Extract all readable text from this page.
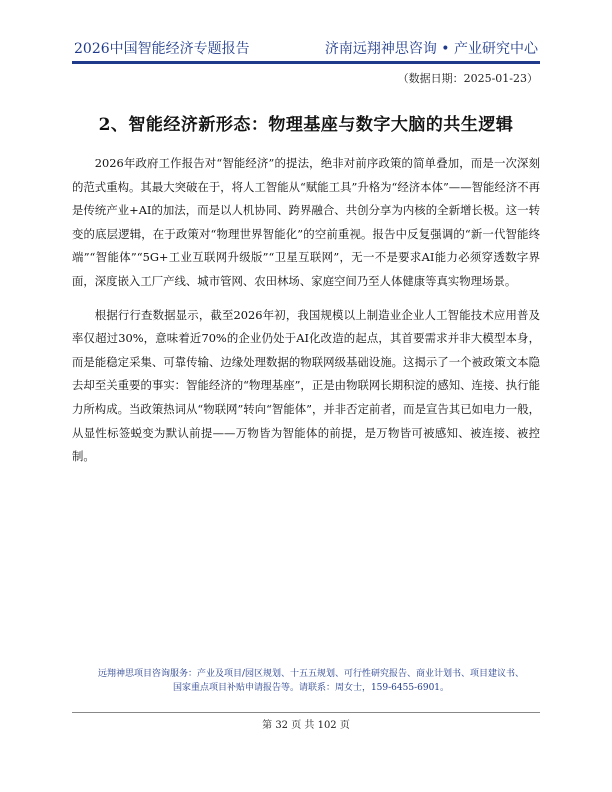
2026中国智能经济专题报告	济南远翔神思咨询 • 产业研究中心
（数据日期：2025-01-23）
2、智能经济新形态：物理基座与数字大脑的共生逻辑

2026年政府工作报告对“智能经济”的提法，绝非对前序政策的简单叠加，而是一次深刻的范式重构。其最大突破在于，将人工智能从“赋能工具”升格为“经济本体”——智能经济不再是传统产业+AI的加法，而是以人机协同、跨界融合、共创分享为内核的全新增长极。这一转变的底层逻辑，在于政策对“物理世界智能化”的空前重视。报告中反复强调的“新一代智能终端”“智能体”“5G+工业互联网升级版”“卫星互联网”，无一不是要求AI能力必须穿透数字界面，深度嵌入工厂产线、城市管网、农田林场、家庭空间乃至人体健康等真实物理场景。

根据行行查数据显示，截至2026年初，我国规模以上制造业企业人工智能技术应用普及率仅超过30%，意味着近70%的企业仍处于AI化改造的起点，其首要需求并非大模型本身，而是能稳定采集、可靠传输、边缘处理数据的物联网级基础设施。这揭示了一个被政策文本隐去却至关重要的事实：智能经济的“物理基座”，正是由物联网长期积淀的感知、连接、执行能力所构成。当政策热词从“物联网”转向“智能体”，并非否定前者，而是宣告其已如电力一般，从显性标签蜕变为默认前提——万物皆为智能体的前提，是万物皆可被感知、被连接、被控制。

远翔神思项目咨询服务：产业及项目/园区规划、十五五规划、可行性研究报告、商业计划书、项目建议书、国家重点项目补贴申请报告等。请联系：周女士，159-6455-6901。
第 32 页 共 102 页
